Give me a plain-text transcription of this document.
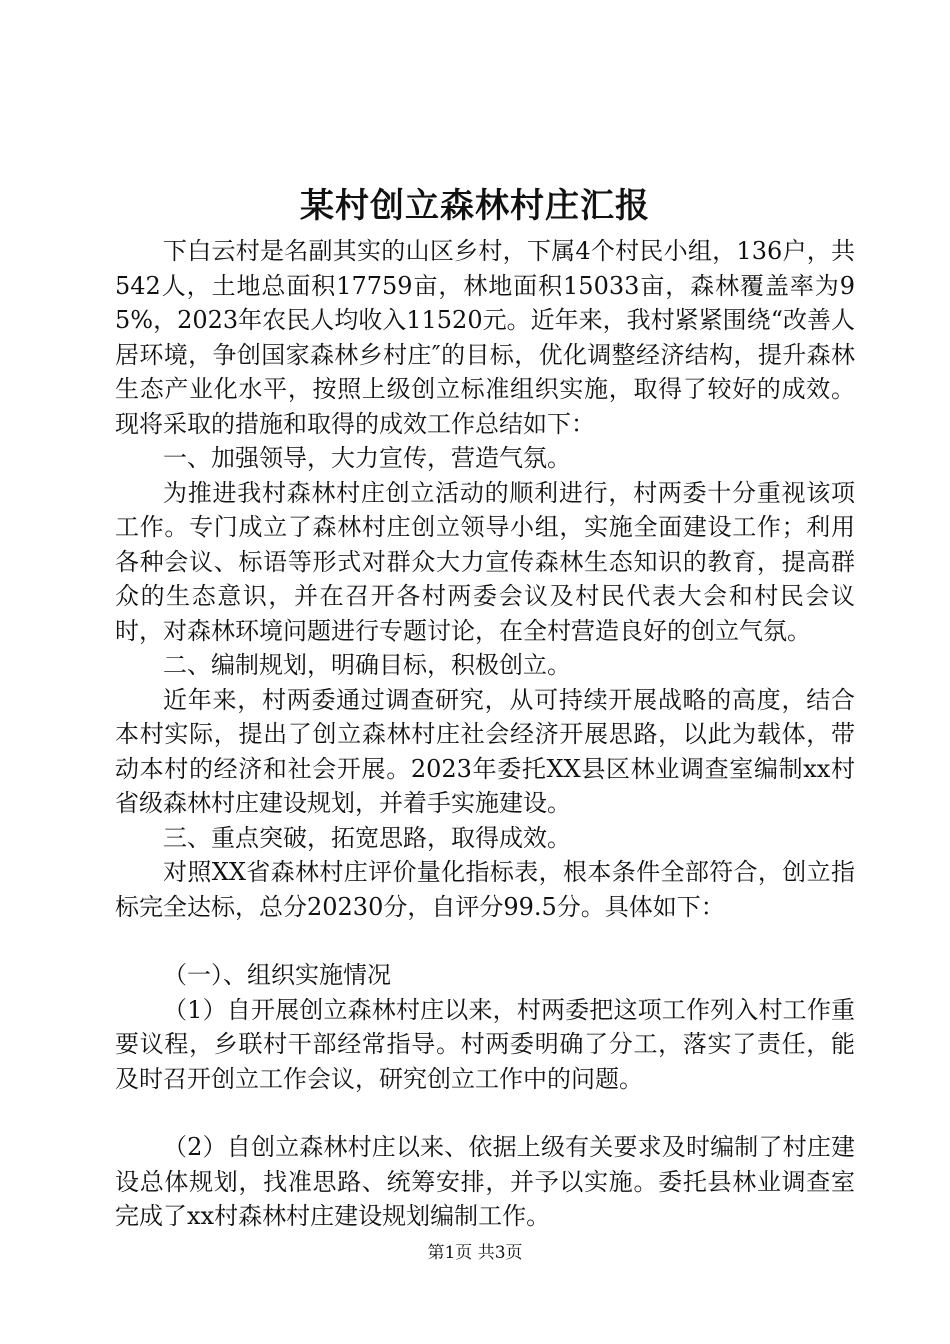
某村创立森林村庄汇报

下白云村是名副其实的山区乡村，下属4个村民小组，136户，共542人，土地总面积17759亩，林地面积15033亩，森林覆盖率为95%，2023年农民人均收入11520元。近年来，我村紧紧围绕“改善人居环境，争创国家森林乡村庄″的目标，优化调整经济结构，提升森林生态产业化水平，按照上级创立标准组织实施，取得了较好的成效。现将采取的措施和取得的成效工作总结如下：

一、加强领导，大力宣传，营造气氛。

为推进我村森林村庄创立活动的顺利进行，村两委十分重视该项工作。专门成立了森林村庄创立领导小组，实施全面建设工作；利用各种会议、标语等形式对群众大力宣传森林生态知识的教育，提高群众的生态意识，并在召开各村两委会议及村民代表大会和村民会议时，对森林环境问题进行专题讨论，在全村营造良好的创立气氛。

二、编制规划，明确目标，积极创立。

近年来，村两委通过调查研究，从可持续开展战略的高度，结合本村实际，提出了创立森林村庄社会经济开展思路，以此为载体，带动本村的经济和社会开展。2023年委托XX县区林业调查室编制xx村省级森林村庄建设规划，并着手实施建设。

三、重点突破，拓宽思路，取得成效。

对照XX省森林村庄评价量化指标表，根本条件全部符合，创立指标完全达标，总分20230分，自评分99.5分。具体如下：

（一）、组织实施情况

（1）自开展创立森林村庄以来，村两委把这项工作列入村工作重要议程，乡联村干部经常指导。村两委明确了分工，落实了责任，能及时召开创立工作会议，研究创立工作中的问题。

（2）自创立森林村庄以来、依据上级有关要求及时编制了村庄建设总体规划，找准思路、统筹安排，并予以实施。委托县林业调查室完成了xx村森林村庄建设规划编制工作。

第1页 共3页
